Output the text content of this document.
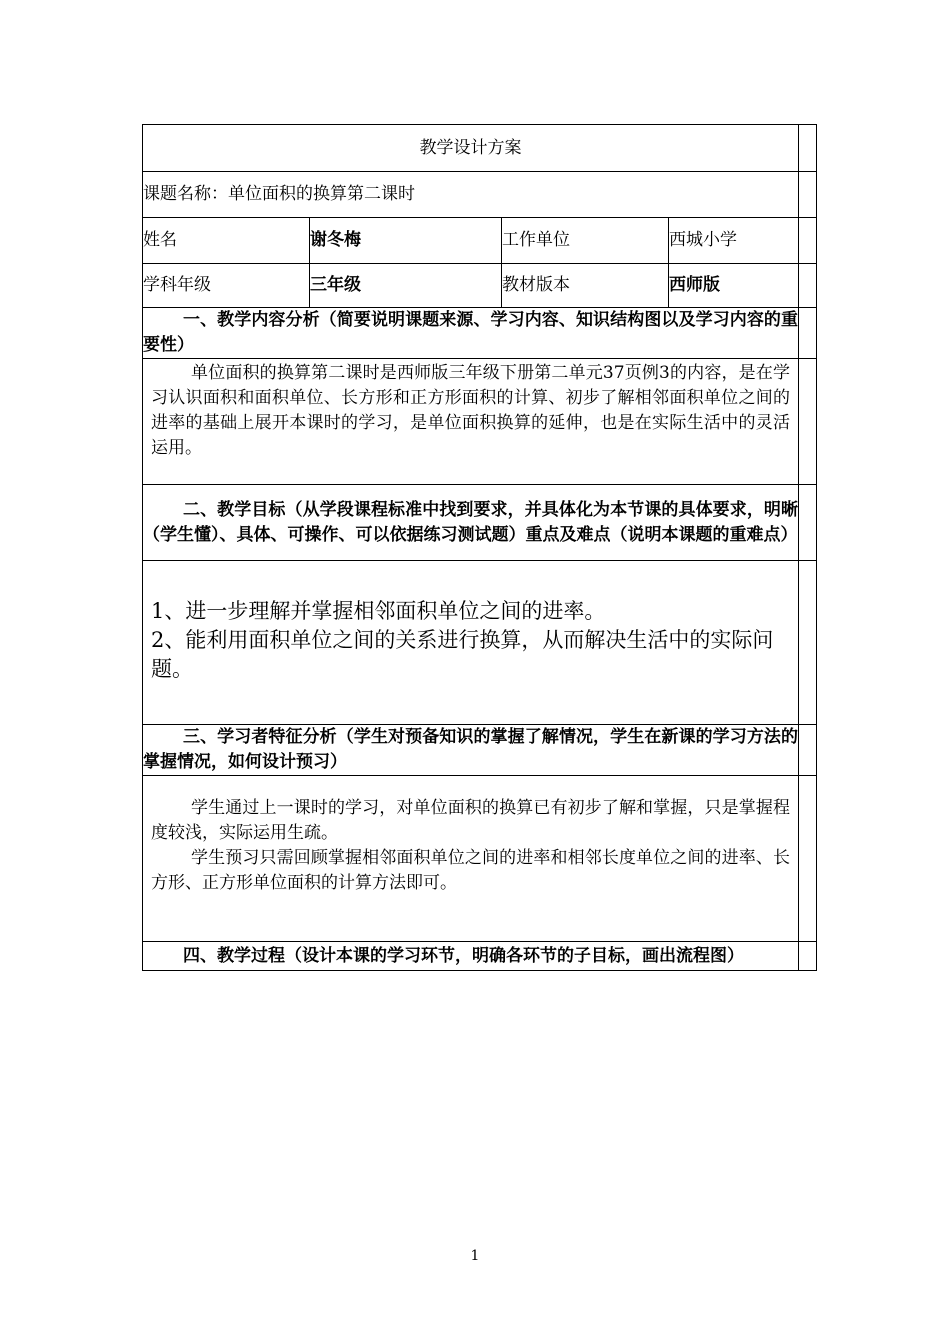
教学设计方案				
课题名称：单位面积的换算第二课时				
姓名	谢冬梅	工作单位	西城小学	
学科年级	三年级	教材版本	西师版	
一、教学内容分析（简要说明课题来源、学习内容、知识结构图以及学习内容的重要性）				

单位面积的换算第二课时是西师版三年级下册第二单元37页例3的内容，是在学习认识面积和面积单位、长方形和正方形面积的计算、初步了解相邻面积单位之间的进率的基础上展开本课时的学习，是单位面积换算的延伸，也是在实际生活中的灵活运用。				

二、教学目标（从学段课程标准中找到要求，并具体化为本节课的具体要求，明晰（学生懂）、具体、可操作、可以依据练习测试题）重点及难点（说明本课题的重难点）				

1、进一步理解并掌握相邻面积单位之间的进率。
2、能利用面积单位之间的关系进行换算，从而解决生活中的实际问题。				

三、学习者特征分析（学生对预备知识的掌握了解情况，学生在新课的学习方法的掌握情况，如何设计预习）				

学生通过上一课时的学习，对单位面积的换算已有初步了解和掌握，只是掌握程度较浅，实际运用生疏。

学生预习只需回顾掌握相邻面积单位之间的进率和相邻长度单位之间的进率、长方形、正方形单位面积的计算方法即可。				

四、教学过程（设计本课的学习环节，明确各环节的子目标，画出流程图）				
1
